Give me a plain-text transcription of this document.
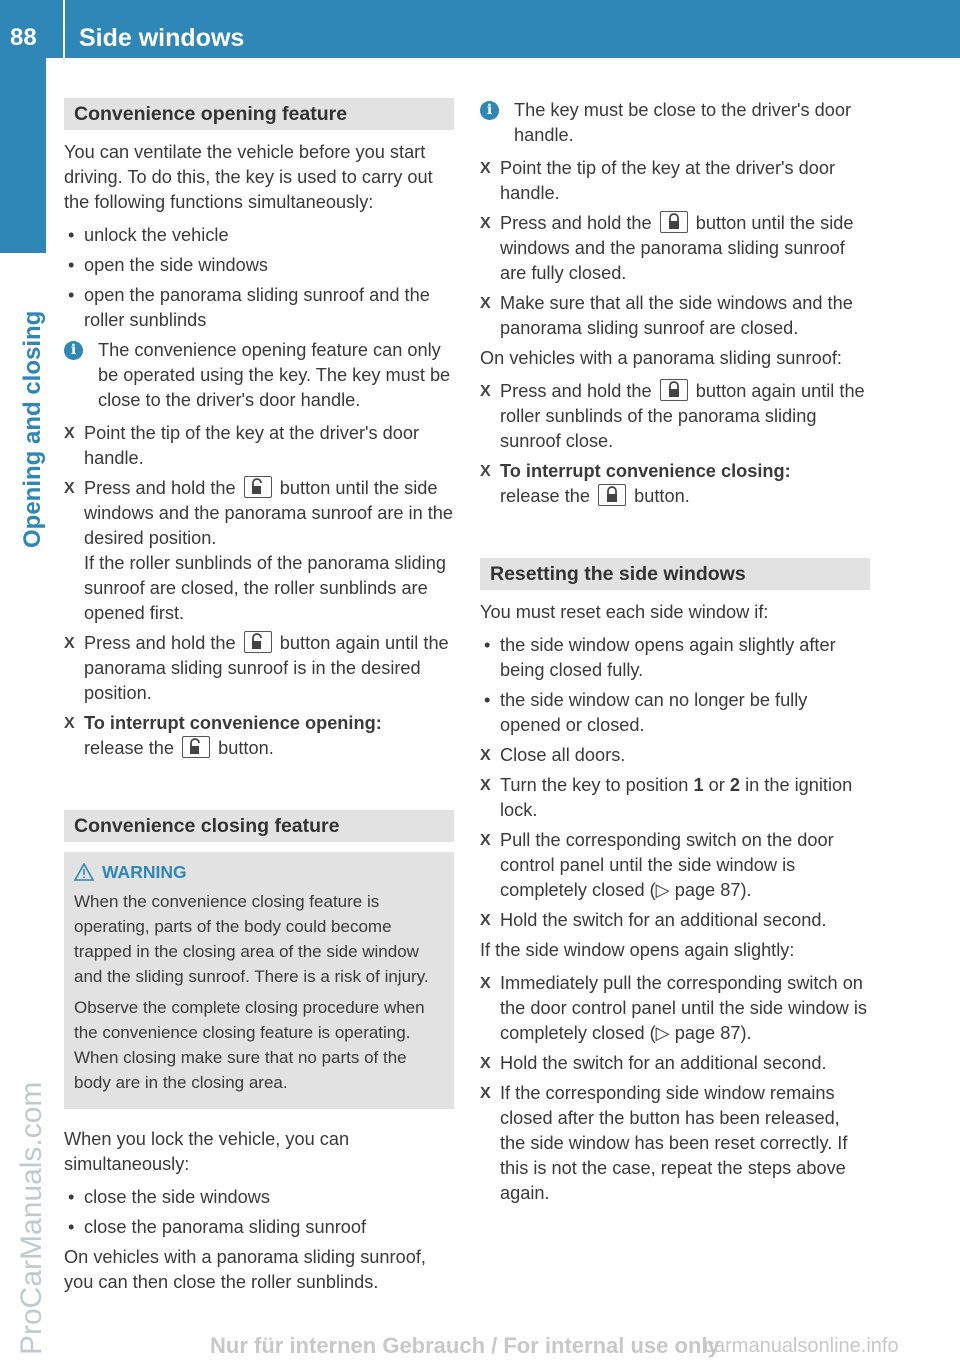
88 Side windows
Opening and closing
ProCarManuals.com
Convenience opening feature

You can ventilate the vehicle before you start driving. To do this, the key is used to carry out the following functions simultaneously:

• unlock the vehicle
• open the side windows
• open the panorama sliding sunroof and the roller sunblinds
i	The convenience opening feature can only be operated using the key. The key must be close to the driver's door handle.
X Point the tip of the key at the driver's door handle.
X Press and hold the button until the side windows and the panorama sunroof are in the desired position.
If the roller sunblinds of the panorama sliding sunroof are closed, the roller sunblinds are opened first.
X Press and hold the button again until the panorama sliding sunroof is in the desired position.
X To interrupt convenience opening:
release the button.
Convenience closing feature
WARNING

When the convenience closing feature is operating, parts of the body could become trapped in the closing area of the side window and the sliding sunroof. There is a risk of injury.

Observe the complete closing procedure when the convenience closing feature is operating. When closing make sure that no parts of the body are in the closing area.

When you lock the vehicle, you can simultaneously:

• close the side windows
• close the panorama sliding sunroof

On vehicles with a panorama sliding sunroof, you can then close the roller sunblinds.

i	The key must be close to the driver's door handle.
X Point the tip of the key at the driver's door handle.
X Press and hold the button until the side windows and the panorama sliding sunroof are fully closed.
X Make sure that all the side windows and the panorama sliding sunroof are closed.

On vehicles with a panorama sliding sunroof:

X Press and hold the button again until the roller sunblinds of the panorama sliding sunroof close.
X To interrupt convenience closing:
release the button.
Resetting the side windows

You must reset each side window if:

• the side window opens again slightly after being closed fully.
• the side window can no longer be fully opened or closed.
X Close all doors.
X Turn the key to position 1 or 2 in the ignition lock.
X Pull the corresponding switch on the door control panel until the side window is completely closed (▷ page 87).
X Hold the switch for an additional second.

If the side window opens again slightly:

X Immediately pull the corresponding switch on the door control panel until the side window is completely closed (▷ page 87).
X Hold the switch for an additional second.
X If the corresponding side window remains closed after the button has been released, the side window has been reset correctly. If this is not the case, repeat the steps above again.
Nur für internen Gebrauch / For internal use only
carmanualsonline.info
